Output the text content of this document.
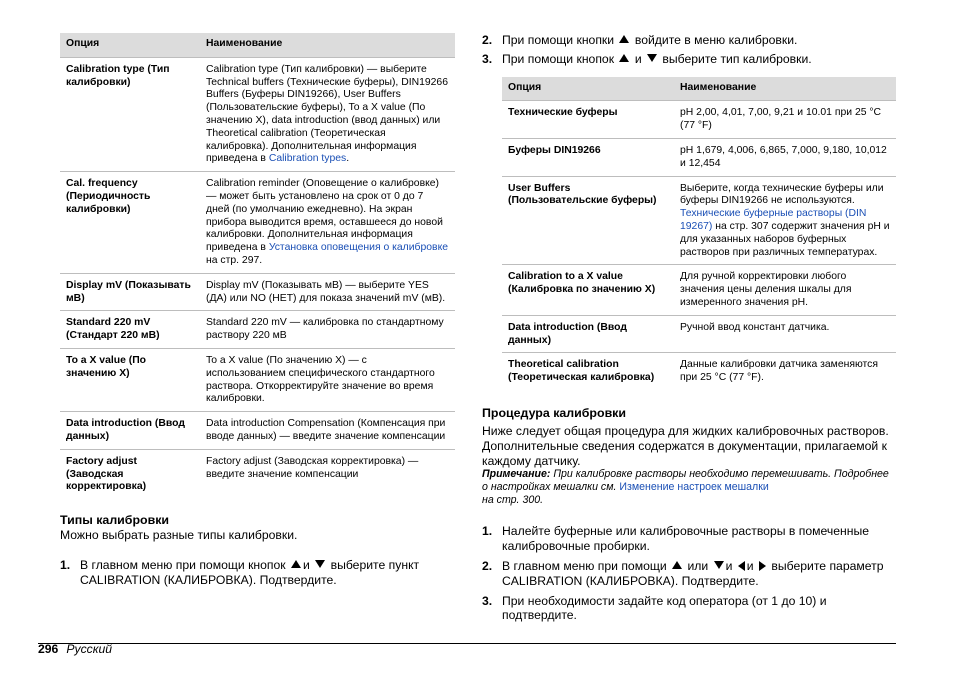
Опция	Наименование
Calibration type (Тип калибровки)	Calibration type (Тип калибровки) — выберите Technical buffers (Технические буферы), DIN19266 Buffers (Буферы DIN19266), User Buffers (Пользовательские буферы), To a X value (По значению X), data introduction (ввод данных) или Theoretical calibration (Теоретическая калибровка). Дополнительная информация приведена в Calibration types.
Cal. frequency (Периодичность калибровки)	Calibration reminder (Оповещение о калибровке) — может быть установлено на срок от 0 до 7 дней (по умолчанию ежедневно). На экран прибора выводится время, оставшееся до новой калибровки. Дополнительная информация приведена в Установка оповещения о калибровке
на стр. 297.
Display mV (Показывать мВ)	Display mV (Показывать мВ) — выберите YES (ДА) или NO (НЕТ) для показа значений mV (мВ).
Standard 220 mV (Стандарт 220 мВ)	Standard 220 mV — калибровка по стандартному раствору 220 мВ
To a X value (По значению X)	To a X value (По значению X) — с использованием специфического стандартного раствора. Откорректируйте значение во время калибровки.
Data introduction (Ввод данных)	Data introduction Compensation (Компенсация при вводе данных) — введите значение компенсации
Factory adjust (Заводская корректировка)	Factory adjust (Заводская корректировка) — введите значение компенсации
Типы калибровки

Можно выбрать разные типы калибровки.

1. В главном меню при помощи кнопок и выберите пункт CALIBRATION (КАЛИБРОВКА). Подтвердите.
2. При помощи кнопки войдите в меню калибровки.
3. При помощи кнопок и выберите тип калибровки.
Опция	Наименование
Технические буферы	pH 2,00, 4,01, 7,00, 9,21 и 10.01 при 25 °C (77 °F)
Буферы DIN19266	pH 1,679, 4,006, 6,865, 7,000, 9,180, 10,012 и 12,454
User Buffers (Пользовательские буферы)	Выберите, когда технические буферы или буферы DIN19266 не используются. Технические буферные растворы (DIN 19267) на стр. 307 содержит значения pH и для указанных наборов буферных растворов при различных температурах.
Calibration to a X value (Калибровка по значению X)	Для ручной корректировки любого значения цены деления шкалы для измеренного значения pH.
Data introduction (Ввод данных)	Ручной ввод констант датчика.
Theoretical calibration (Теоретическая калибровка)	Данные калибровки датчика заменяются при 25 °C (77 °F).
Процедура калибровки

Ниже следует общая процедура для жидких калибровочных растворов. Дополнительные сведения содержатся в документации, прилагаемой к каждому датчику.

Примечание: При калибровке растворы необходимо перемешивать. Подробнее о настройках мешалки см. Изменение настроек мешалки
на стр. 300.

1. Налейте буферные или калибровочные растворы в помеченные калибровочные пробирки.
2. В главном меню при помощи или и и выберите параметр CALIBRATION (КАЛИБРОВКА). Подтвердите.
3. При необходимости задайте код оператора (от 1 до 10) и подтвердите.
296 Русский
